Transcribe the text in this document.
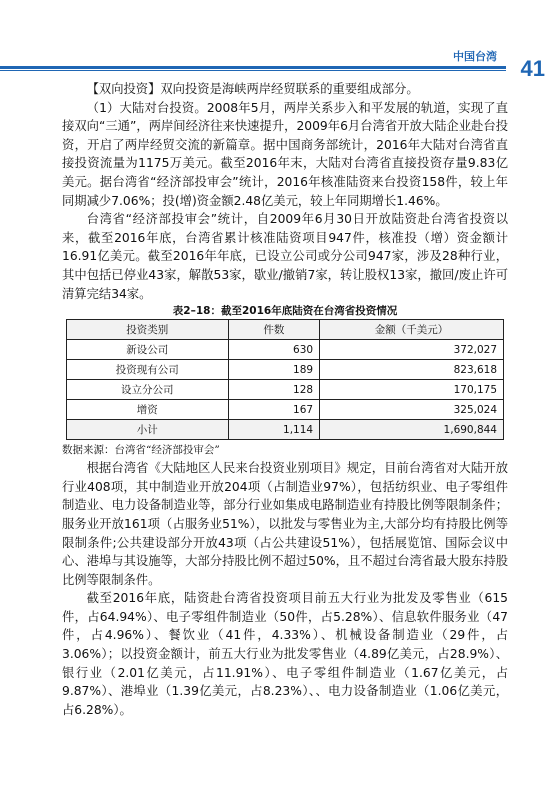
中国台湾 41

【双向投资】双向投资是海峡两岸经贸联系的重要组成部分。

（1）大陆对台投资。2008年5月，两岸关系步入和平发展的轨道，实现了直接双向“三通”，两岸间经济往来快速提升，2009年6月台湾省开放大陆企业赴台投资，开启了两岸经贸交流的新篇章。据中国商务部统计，2016年大陆对台湾省直接投资流量为1175万美元。截至2016年末，大陆对台湾省直接投资存量9.83亿美元。据台湾省“经济部投审会”统计，2016年核准陆资来台投资158件，较上年同期减少7.06%；投(增)资金额2.48亿美元，较上年同期增长1.46%。

台湾省“经济部投审会”统计，自2009年6月30日开放陆资赴台湾省投资以来，截至2016年底，台湾省累计核准陆资项目947件，核准投（增）资金额计16.91亿美元。截至2016年年底，已设立公司或分公司947家，涉及28种行业，其中包括已停业43家，解散53家，歇业/撤销7家，转让股权13家，撤回/废止许可清算完结34家。

表2–18：截至2016年底陆资在台湾省投资情况
投资类别	件数	金额（千美元）
新设公司	630	372,027
投资现有公司	189	823,618
设立分公司	128	170,175
增资	167	325,024
小计	1,114	1,690,844
数据来源：台湾省“经济部投审会”

根据台湾省《大陆地区人民来台投资业别项目》规定，目前台湾省对大陆开放行业408项，其中制造业开放204项（占制造业97%），包括纺织业、电子零组件制造业、电力设备制造业等，部分行业如集成电路制造业有持股比例等限制条件；服务业开放161项（占服务业51%），以批发与零售业为主,大部分均有持股比例等限制条件;公共建设部分开放43项（占公共建设51%），包括展览馆、国际会议中心、港埠与其设施等，大部分持股比例不超过50%，且不超过台湾省最大股东持股比例等限制条件。

截至2016年底，陆资赴台湾省投资项目前五大行业为批发及零售业（615件，占64.94%）、电子零组件制造业（50件，占5.28%）、信息软件服务业（47件，占4.96%）、餐饮业（41件，4.33%）、机械设备制造业（29件，占3.06%）；以投资金额计，前五大行业为批发零售业（4.89亿美元，占28.9%）、银行业（2.01亿美元，占11.91%）、电子零组件制造业（1.67亿美元，占9.87%）、港埠业（1.39亿美元，占8.23%）、、电力设备制造业（1.06亿美元，占6.28%）。
